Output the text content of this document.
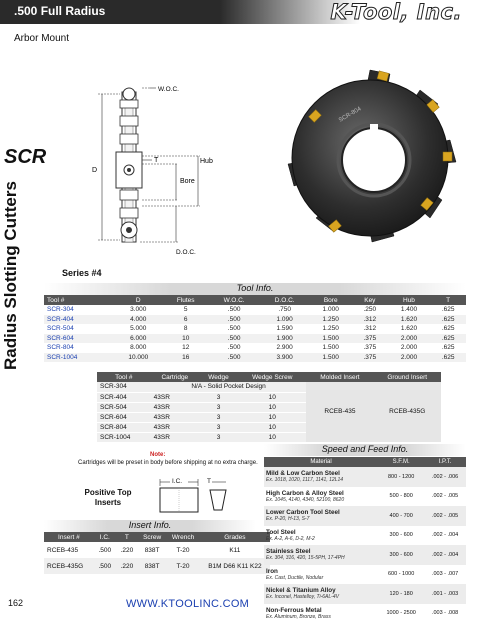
.500 Full Radius	K-Tool, Inc.
Arbor Mount
SCR
Radius Slotting Cutters
W.O.C.
D
T	Hub
Bore
D.O.C.
SCR-804
Series #4
Tool Info.
Tool #	D	Flutes	W.O.C.	D.O.C.	Bore	Key	Hub	T
SCR-304	3.000	5	.500	.750	1.000	.250	1.400	.625
SCR-404	4.000	6	.500	1.090	1.250	.312	1.620	.625
SCR-504	5.000	8	.500	1.590	1.250	.312	1.620	.625
SCR-604	6.000	10	.500	1.900	1.500	.375	2.000	.625
SCR-804	8.000	12	.500	2.900	1.500	.375	2.000	.625
SCR-1004	10.000	16	.500	3.900	1.500	.375	2.000	.625
Tool #	Cartridge	Wedge	Wedge Screw	Molded Insert	Ground Insert
SCR-304	N/A - Solid Pocket Design			RCEB-435	RCEB-435G
SCR-404	43SR	3	10		
SCR-504	43SR	3	10		
SCR-604	43SR	3	10		
SCR-804	43SR	3	10		
SCR-1004	43SR	3	10		
Note:
Cartridges will be preset in body before shipping at no extra charge.
Positive Top
Inserts
I.C.	T
Insert Info.
Insert #	I.C.	T	Screw	Wrench	Grades
RCEB-435	.500	.220	838T	T-20	K11
RCEB-435G	.500	.220	838T	T-20	B1M D66 K11 K22
Speed and Feed Info.
Material	S.F.M.	I.P.T.

Mild & Low Carbon Steel
Ex. 1018, 1020, 1117, 1141, 12L14	800 - 1200	.002 - .006

High Carbon & Alloy Steel
Ex. 1045, 4140, 4340, 52100, 8620	500 - 800	.002 - .005

Lower Carbon Tool Steel
Ex. P-20, H-13, S-7	400 - 700	.002 - .005

Tool Steel
Ex. A-2, A-6, D-2, M-2	300 - 600	.002 - .004

Stainless Steel
Ex. 304, 316, 420, 15-5PH, 17-4PH	300 - 600	.002 - .004

Iron
Ex. Cast, Ductile, Nodular	600 - 1000	.003 - .007

Nickel & Titanium Alloy
Ex. Inconel, Hastelloy, Ti-6AL-4V	120 - 180	.001 - .003

Non-Ferrous Metal
Ex. Aluminum, Bronze, Brass	1000 - 2500	.003 - .008
162	WWW.KTOOLINC.COM
